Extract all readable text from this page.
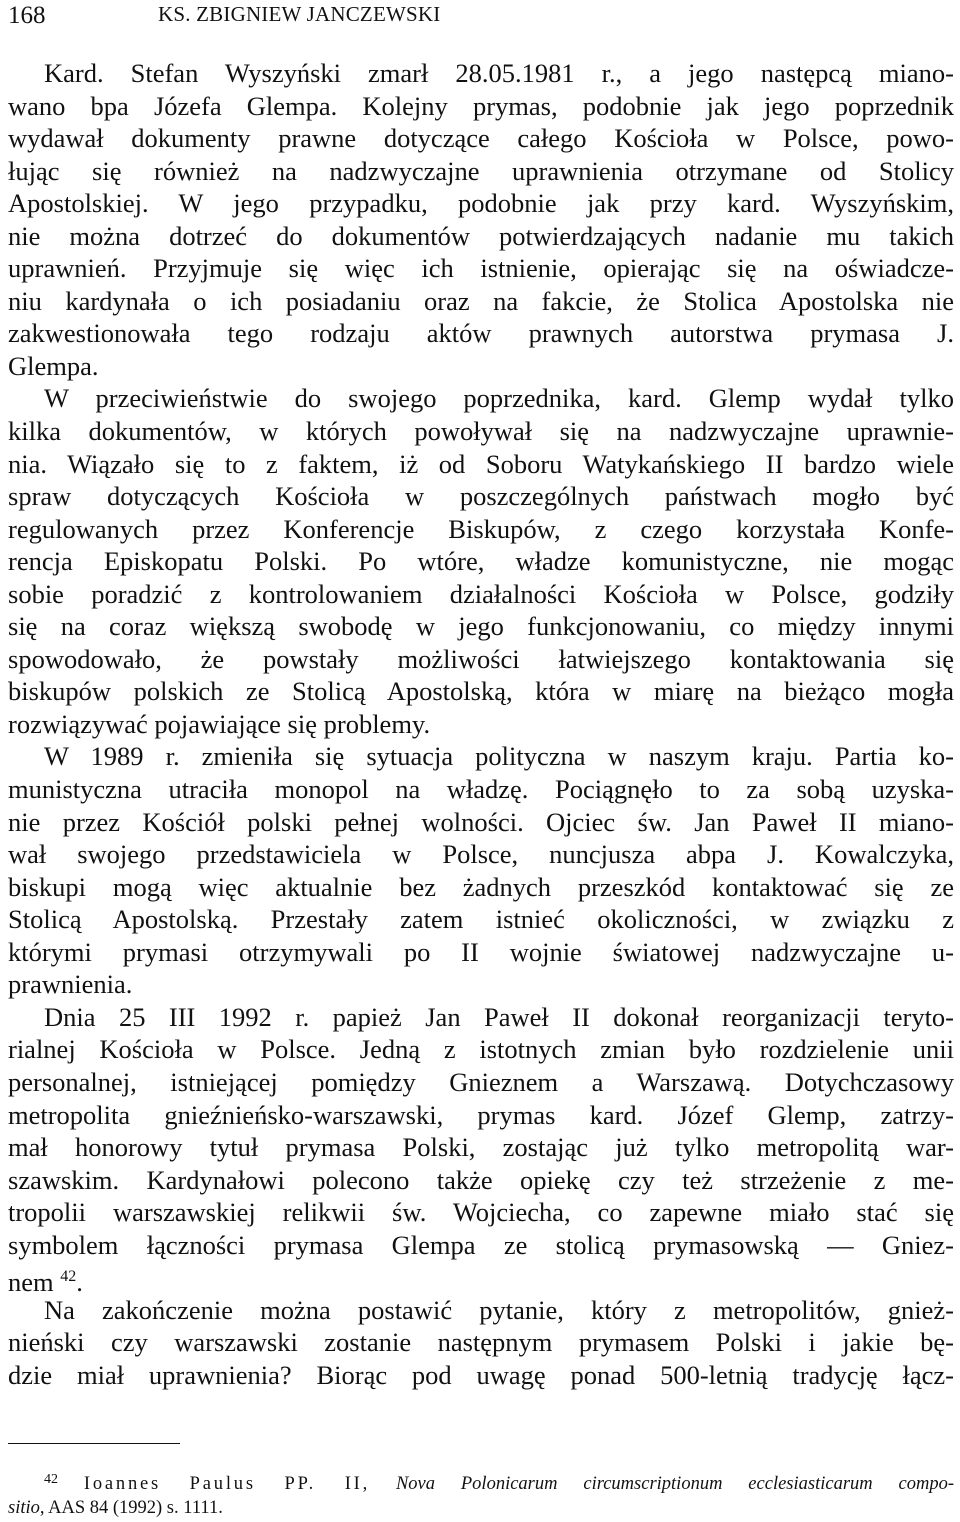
168	KS. ZBIGNIEW JANCZEWSKI
Kard. Stefan Wyszyński zmarł 28.05.1981 r., a jego następcą miano-
wano bpa Józefa Glempa. Kolejny prymas, podobnie jak jego poprzednik
wydawał dokumenty prawne dotyczące całego Kościoła w Polsce, powo-
łując się również na nadzwyczajne uprawnienia otrzymane od Stolicy
Apostolskiej. W jego przypadku, podobnie jak przy kard. Wyszyńskim,
nie można dotrzeć do dokumentów potwierdzających nadanie mu takich
uprawnień. Przyjmuje się więc ich istnienie, opierając się na oświadcze-
niu kardynała o ich posiadaniu oraz na fakcie, że Stolica Apostolska nie
zakwestionowała tego rodzaju aktów prawnych autorstwa prymasa J.
Glempa.
W przeciwieństwie do swojego poprzednika, kard. Glemp wydał tylko
kilka dokumentów, w których powoływał się na nadzwyczajne uprawnie-
nia. Wiązało się to z faktem, iż od Soboru Watykańskiego II bardzo wiele
spraw dotyczących Kościoła w poszczególnych państwach mogło być
regulowanych przez Konferencje Biskupów, z czego korzystała Konfe-
rencja Episkopatu Polski. Po wtóre, władze komunistyczne, nie mogąc
sobie poradzić z kontrolowaniem działalności Kościoła w Polsce, godziły
się na coraz większą swobodę w jego funkcjonowaniu, co między innymi
spowodowało, że powstały możliwości łatwiejszego kontaktowania się
biskupów polskich ze Stolicą Apostolską, która w miarę na bieżąco mogła
rozwiązywać pojawiające się problemy.
W 1989 r. zmieniła się sytuacja polityczna w naszym kraju. Partia ko-
munistyczna utraciła monopol na władzę. Pociągnęło to za sobą uzyska-
nie przez Kościół polski pełnej wolności. Ojciec św. Jan Paweł II miano-
wał swojego przedstawiciela w Polsce, nuncjusza abpa J. Kowalczyka,
biskupi mogą więc aktualnie bez żadnych przeszkód kontaktować się ze
Stolicą Apostolską. Przestały zatem istnieć okoliczności, w związku z
którymi prymasi otrzymywali po II wojnie światowej nadzwyczajne u-
prawnienia.
Dnia 25 III 1992 r. papież Jan Paweł II dokonał reorganizacji teryto-
rialnej Kościoła w Polsce. Jedną z istotnych zmian było rozdzielenie unii
personalnej, istniejącej pomiędzy Gnieznem a Warszawą. Dotychczasowy
metropolita gnieźnieńsko-warszawski, prymas kard. Józef Glemp, zatrzy-
mał honorowy tytuł prymasa Polski, zostając już tylko metropolitą war-
szawskim. Kardynałowi polecono także opiekę czy też strzeżenie z me-
tropolii warszawskiej relikwii św. Wojciecha, co zapewne miało stać się
symbolem łączności prymasa Glempa ze stolicą prymasowską — Gniez-
nem $^{42}$.
Na zakończenie można postawić pytanie, który z metropolitów, gnież-
nieński czy warszawski zostanie następnym prymasem Polski i jakie bę-
dzie miał uprawnienia? Biorąc pod uwagę ponad 500-letnią tradycję łącz-
$^{42}$ Ioannes Paulus PP. II, Nova Polonicarum circumscriptionum ecclesiasticarum compo-
sitio, AAS 84 (1992) s. 1111.
